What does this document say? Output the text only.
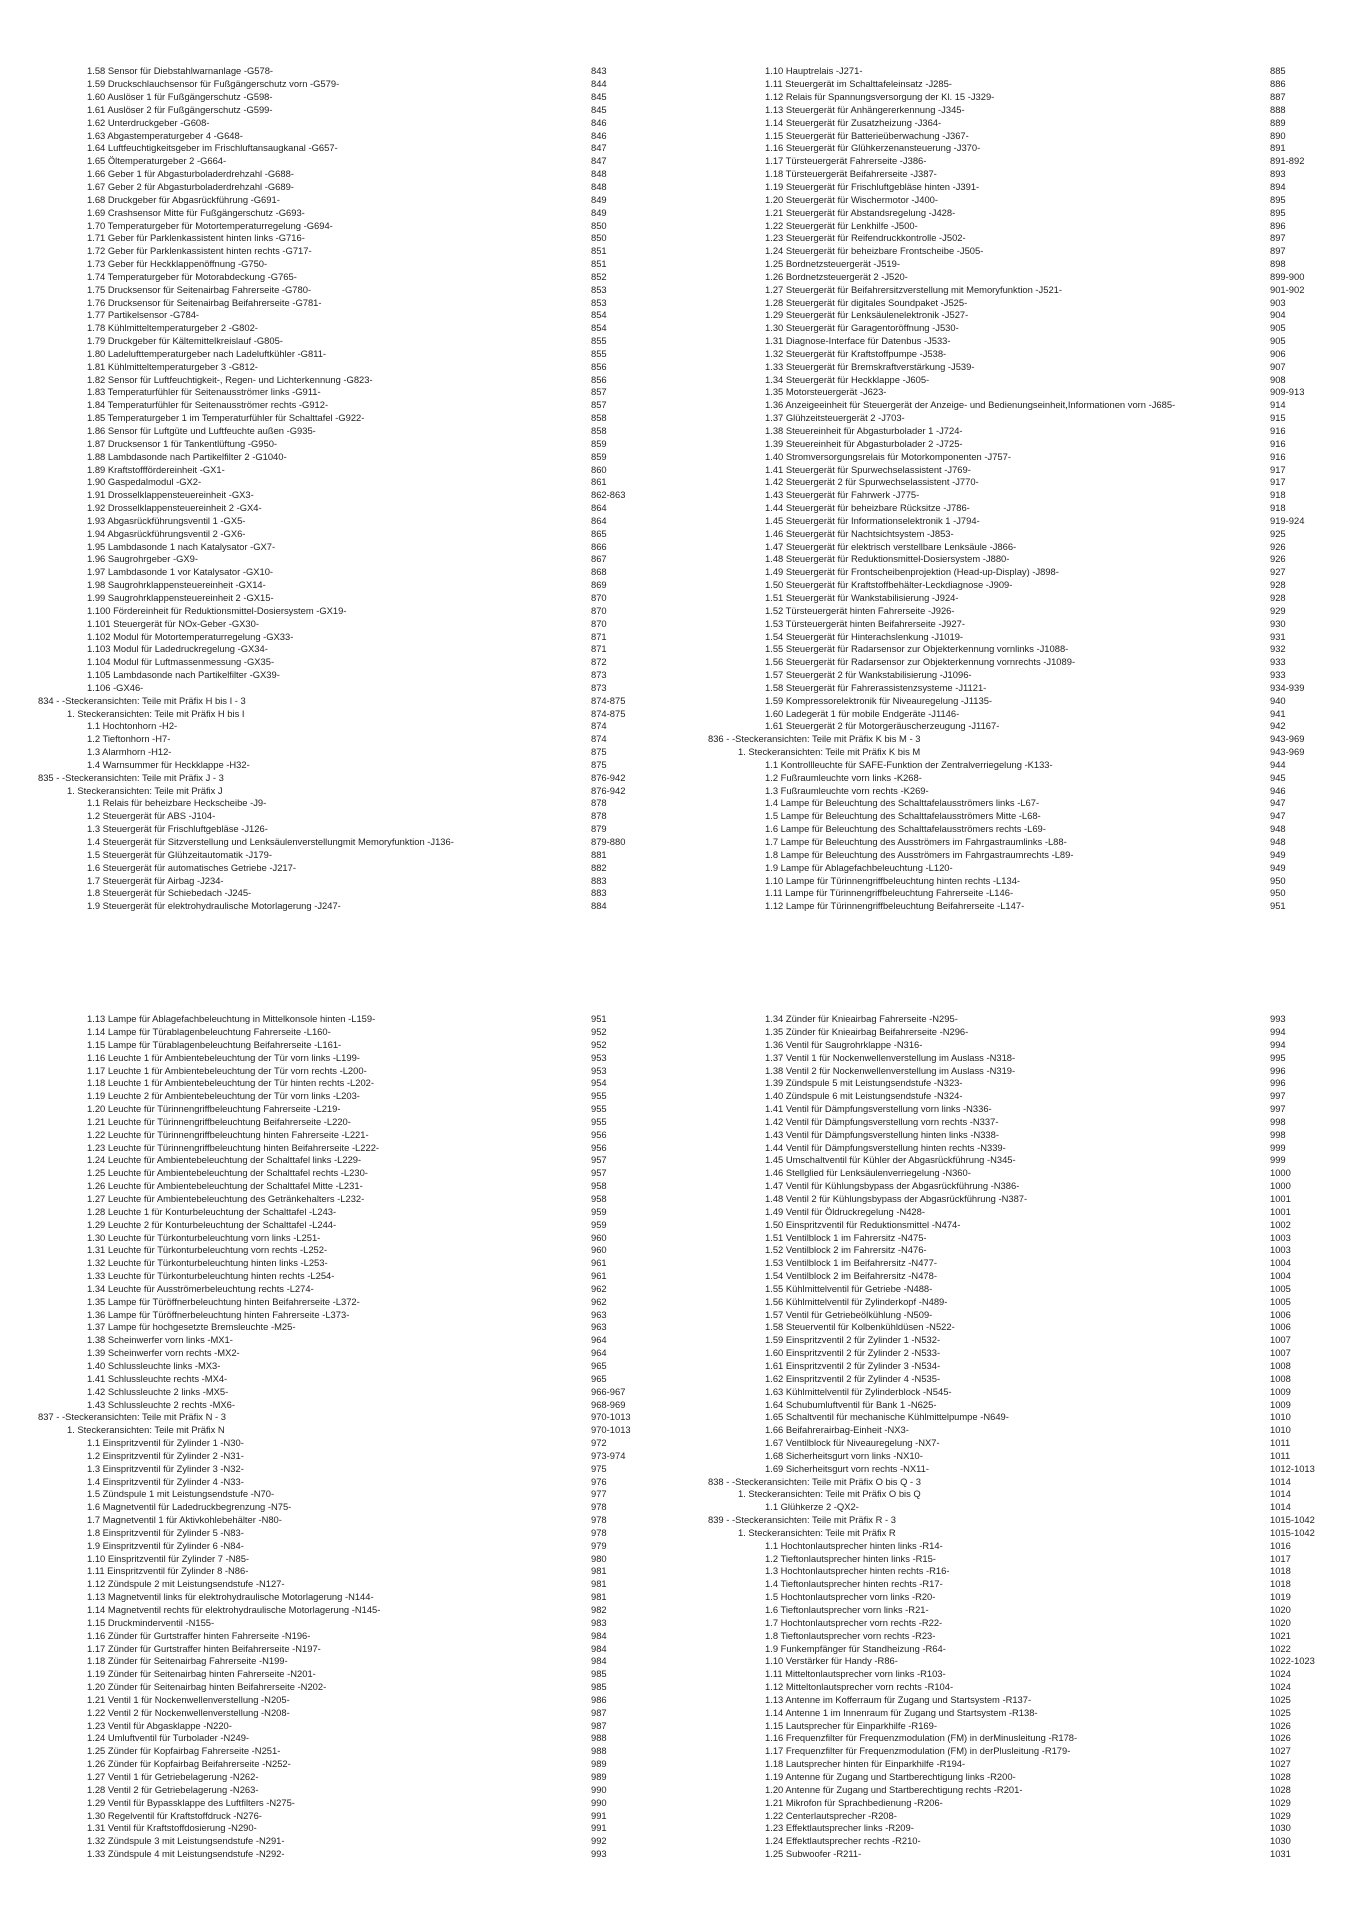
1.58 Sensor für Diebstahlwarnanlage -G578-	843
1.59 Druckschlauchsensor für Fußgängerschutz vorn -G579-	844
1.60 Auslöser 1 für Fußgängerschutz -G598-	845
1.61 Auslöser 2 für Fußgängerschutz -G599-	845
1.62 Unterdruckgeber -G608-	846
1.63 Abgastemperaturgeber 4 -G648-	846
1.64 Luftfeuchtigkeitsgeber im Frischluftansaugkanal -G657-	847
1.65 Öltemperaturgeber 2 -G664-	847
1.66 Geber 1 für Abgasturboladerdrehzahl -G688-	848
1.67 Geber 2 für Abgasturboladerdrehzahl -G689-	848
1.68 Druckgeber für Abgasrückführung -G691-	849
1.69 Crashsensor Mitte für Fußgängerschutz -G693-	849
1.70 Temperaturgeber für Motortemperaturregelung -G694-	850
1.71 Geber für Parklenkassistent hinten links -G716-	850
1.72 Geber für Parklenkassistent hinten rechts -G717-	851
1.73 Geber für Heckklappenöffnung -G750-	851
1.74 Temperaturgeber für Motorabdeckung -G765-	852
1.75 Drucksensor für Seitenairbag Fahrerseite -G780-	853
1.76 Drucksensor für Seitenairbag Beifahrerseite -G781-	853
1.77 Partikelsensor -G784-	854
1.78 Kühlmitteltemperaturgeber 2 -G802-	854
1.79 Druckgeber für Kältemittelkreislauf -G805-	855
1.80 Ladelufttemperaturgeber nach Ladeluftkühler -G811-	855
1.81 Kühlmitteltemperaturgeber 3 -G812-	856
1.82 Sensor für Luftfeuchtigkeit-, Regen- und Lichterkennung -G823-	856
1.83 Temperaturfühler für Seitenausströmer links -G911-	857
1.84 Temperaturfühler für Seitenausströmer rechts -G912-	857
1.85 Temperaturgeber 1 im Temperaturfühler für Schalttafel -G922-	858
1.86 Sensor für Luftgüte und Luftfeuchte außen -G935-	858
1.87 Drucksensor 1 für Tankentlüftung -G950-	859
1.88 Lambdasonde nach Partikelfilter 2 -G1040-	859
1.89 Kraftstofffördereinheit -GX1-	860
1.90 Gaspedalmodul -GX2-	861
1.91 Drosselklappensteuereinheit -GX3-	862-863
1.92 Drosselklappensteuereinheit 2 -GX4-	864
1.93 Abgasrückführungsventil 1 -GX5-	864
1.94 Abgasrückführungsventil 2 -GX6-	865
1.95 Lambdasonde 1 nach Katalysator -GX7-	866
1.96 Saugrohrgeber -GX9-	867
1.97 Lambdasonde 1 vor Katalysator -GX10-	868
1.98 Saugrohrklappensteuereinheit -GX14-	869
1.99 Saugrohrklappensteuereinheit 2 -GX15-	870
1.100 Fördereinheit für Reduktionsmittel-Dosiersystem -GX19-	870
1.101 Steuergerät für NOx-Geber -GX30-	870
1.102 Modul für Motortemperaturregelung -GX33-	871
1.103 Modul für Ladedruckregelung -GX34-	871
1.104 Modul für Luftmassenmessung -GX35-	872
1.105 Lambdasonde nach Partikelfilter -GX39-	873
1.106 -GX46-	873
834 - -Steckeransichten: Teile mit Präfix H bis I - 3	874-875
1. Steckeransichten: Teile mit Präfix H bis I	874-875
1.1 Hochtonhorn -H2-	874
1.2 Tieftonhorn -H7-	874
1.3 Alarmhorn -H12-	875
1.4 Warnsummer für Heckklappe -H32-	875
835 - -Steckeransichten: Teile mit Präfix J - 3	876-942
1. Steckeransichten: Teile mit Präfix J	876-942
1.1 Relais für beheizbare Heckscheibe -J9-	878
1.2 Steuergerät für ABS -J104-	878
1.3 Steuergerät für Frischluftgebläse -J126-	879
1.4 Steuergerät für Sitzverstellung und Lenksäulenverstellungmit Memoryfunktion -J136-	879-880
1.5 Steuergerät für Glühzeitautomatik -J179-	881
1.6 Steuergerät für automatisches Getriebe -J217-	882
1.7 Steuergerät für Airbag -J234-	883
1.8 Steuergerät für Schiebedach -J245-	883
1.9 Steuergerät für elektrohydraulische Motorlagerung -J247-	884
1.10 Hauptrelais -J271-	885
1.11 Steuergerät im Schalttafeleinsatz -J285-	886
1.12 Relais für Spannungsversorgung der Kl. 15 -J329-	887
1.13 Steuergerät für Anhängererkennung -J345-	888
1.14 Steuergerät für Zusatzheizung -J364-	889
1.15 Steuergerät für Batterieüberwachung -J367-	890
1.16 Steuergerät für Glühkerzenansteuerung -J370-	891
1.17 Türsteuergerät Fahrerseite -J386-	891-892
1.18 Türsteuergerät Beifahrerseite -J387-	893
1.19 Steuergerät für Frischluftgebläse hinten -J391-	894
1.20 Steuergerät für Wischermotor -J400-	895
1.21 Steuergerät für Abstandsregelung -J428-	895
1.22 Steuergerät für Lenkhilfe -J500-	896
1.23 Steuergerät für Reifendruckkontrolle -J502-	897
1.24 Steuergerät für beheizbare Frontscheibe -J505-	897
1.25 Bordnetzsteuergerät -J519-	898
1.26 Bordnetzsteuergerät 2 -J520-	899-900
1.27 Steuergerät für Beifahrersitzverstellung mit Memoryfunktion -J521-	901-902
1.28 Steuergerät für digitales Soundpaket -J525-	903
1.29 Steuergerät für Lenksäulenelektronik -J527-	904
1.30 Steuergerät für Garagentoröffnung -J530-	905
1.31 Diagnose-Interface für Datenbus -J533-	905
1.32 Steuergerät für Kraftstoffpumpe -J538-	906
1.33 Steuergerät für Bremskraftverstärkung -J539-	907
1.34 Steuergerät für Heckklappe -J605-	908
1.35 Motorsteuergerät -J623-	909-913
1.36 Anzeigeeinheit für Steuergerät der Anzeige- und Bedienungseinheit,Informationen vorn -J685-	914
1.37 Glühzeitsteuergerät 2 -J703-	915
1.38 Steuereinheit für Abgasturbolader 1 -J724-	916
1.39 Steuereinheit für Abgasturbolader 2 -J725-	916
1.40 Stromversorgungsrelais für Motorkomponenten -J757-	916
1.41 Steuergerät für Spurwechselassistent -J769-	917
1.42 Steuergerät 2 für Spurwechselassistent -J770-	917
1.43 Steuergerät für Fahrwerk -J775-	918
1.44 Steuergerät für beheizbare Rücksitze -J786-	918
1.45 Steuergerät für Informationselektronik 1 -J794-	919-924
1.46 Steuergerät für Nachtsichtsystem -J853-	925
1.47 Steuergerät für elektrisch verstellbare Lenksäule -J866-	926
1.48 Steuergerät für Reduktionsmittel-Dosiersystem -J880-	926
1.49 Steuergerät für Frontscheibenprojektion (Head-up-Display) -J898-	927
1.50 Steuergerät für Kraftstoffbehälter-Leckdiagnose -J909-	928
1.51 Steuergerät für Wankstabilisierung -J924-	928
1.52 Türsteuergerät hinten Fahrerseite -J926-	929
1.53 Türsteuergerät hinten Beifahrerseite -J927-	930
1.54 Steuergerät für Hinterachslenkung -J1019-	931
1.55 Steuergerät für Radarsensor zur Objekterkennung vornlinks -J1088-	932
1.56 Steuergerät für Radarsensor zur Objekterkennung vornrechts -J1089-	933
1.57 Steuergerät 2 für Wankstabilisierung -J1096-	933
1.58 Steuergerät für Fahrerassistenzsysteme -J1121-	934-939
1.59 Kompressorelektronik für Niveauregelung -J1135-	940
1.60 Ladegerät 1 für mobile Endgeräte -J1146-	941
1.61 Steuergerät 2 für Motorgeräuscherzeugung -J1167-	942
836 - -Steckeransichten: Teile mit Präfix K bis M - 3	943-969
1. Steckeransichten: Teile mit Präfix K bis M	943-969
1.1 Kontrollleuchte für SAFE-Funktion der Zentralverriegelung -K133-	944
1.2 Fußraumleuchte vorn links -K268-	945
1.3 Fußraumleuchte vorn rechts -K269-	946
1.4 Lampe für Beleuchtung des Schalttafelausströmers links -L67-	947
1.5 Lampe für Beleuchtung des Schalttafelausströmers Mitte -L68-	947
1.6 Lampe für Beleuchtung des Schalttafelausströmers rechts -L69-	948
1.7 Lampe für Beleuchtung des Ausströmers im Fahrgastraumlinks -L88-	948
1.8 Lampe für Beleuchtung des Ausströmers im Fahrgastraumrechts -L89-	949
1.9 Lampe für Ablagefachbeleuchtung -L120-	949
1.10 Lampe für Türinnengriffbeleuchtung hinten rechts -L134-	950
1.11 Lampe für Türinnengriffbeleuchtung Fahrerseite -L146-	950
1.12 Lampe für Türinnengriffbeleuchtung Beifahrerseite -L147-	951
1.13 Lampe für Ablagefachbeleuchtung in Mittelkonsole hinten -L159-	951
1.14 Lampe für Türablagenbeleuchtung Fahrerseite -L160-	952
1.15 Lampe für Türablagenbeleuchtung Beifahrerseite -L161-	952
1.16 Leuchte 1 für Ambientebeleuchtung der Tür vorn links -L199-	953
1.17 Leuchte 1 für Ambientebeleuchtung der Tür vorn rechts -L200-	953
1.18 Leuchte 1 für Ambientebeleuchtung der Tür hinten rechts -L202-	954
1.19 Leuchte 2 für Ambientebeleuchtung der Tür vorn links -L203-	955
1.20 Leuchte für Türinnengriffbeleuchtung Fahrerseite -L219-	955
1.21 Leuchte für Türinnengriffbeleuchtung Beifahrerseite -L220-	955
1.22 Leuchte für Türinnengriffbeleuchtung hinten Fahrerseite -L221-	956
1.23 Leuchte für Türinnengriffbeleuchtung hinten Beifahrerseite -L222-	956
1.24 Leuchte für Ambientebeleuchtung der Schalttafel links -L229-	957
1.25 Leuchte für Ambientebeleuchtung der Schalttafel rechts -L230-	957
1.26 Leuchte für Ambientebeleuchtung der Schalttafel Mitte -L231-	958
1.27 Leuchte für Ambientebeleuchtung des Getränkehalters -L232-	958
1.28 Leuchte 1 für Konturbeleuchtung der Schalttafel -L243-	959
1.29 Leuchte 2 für Konturbeleuchtung der Schalttafel -L244-	959
1.30 Leuchte für Türkonturbeleuchtung vorn links -L251-	960
1.31 Leuchte für Türkonturbeleuchtung vorn rechts -L252-	960
1.32 Leuchte für Türkonturbeleuchtung hinten links -L253-	961
1.33 Leuchte für Türkonturbeleuchtung hinten rechts -L254-	961
1.34 Leuchte für Ausströmerbeleuchtung rechts -L274-	962
1.35 Lampe für Türöffnerbeleuchtung hinten Beifahrerseite -L372-	962
1.36 Lampe für Türöffnerbeleuchtung hinten Fahrerseite -L373-	963
1.37 Lampe für hochgesetzte Bremsleuchte -M25-	963
1.38 Scheinwerfer vorn links -MX1-	964
1.39 Scheinwerfer vorn rechts -MX2-	964
1.40 Schlussleuchte links -MX3-	965
1.41 Schlussleuchte rechts -MX4-	965
1.42 Schlussleuchte 2 links -MX5-	966-967
1.43 Schlussleuchte 2 rechts -MX6-	968-969
837 - -Steckeransichten: Teile mit Präfix N - 3	970-1013
1. Steckeransichten: Teile mit Präfix N	970-1013
1.1 Einspritzventil für Zylinder 1 -N30-	972
1.2 Einspritzventil für Zylinder 2 -N31-	973-974
1.3 Einspritzventil für Zylinder 3 -N32-	975
1.4 Einspritzventil für Zylinder 4 -N33-	976
1.5 Zündspule 1 mit Leistungsendstufe -N70-	977
1.6 Magnetventil für Ladedruckbegrenzung -N75-	978
1.7 Magnetventil 1 für Aktivkohlebehälter -N80-	978
1.8 Einspritzventil für Zylinder 5 -N83-	978
1.9 Einspritzventil für Zylinder 6 -N84-	979
1.10 Einspritzventil für Zylinder 7 -N85-	980
1.11 Einspritzventil für Zylinder 8 -N86-	981
1.12 Zündspule 2 mit Leistungsendstufe -N127-	981
1.13 Magnetventil links für elektrohydraulische Motorlagerung -N144-	981
1.14 Magnetventil rechts für elektrohydraulische Motorlagerung -N145-	982
1.15 Druckminderventil -N155-	983
1.16 Zünder für Gurtstraffer hinten Fahrerseite -N196-	984
1.17 Zünder für Gurtstraffer hinten Beifahrerseite -N197-	984
1.18 Zünder für Seitenairbag Fahrerseite -N199-	984
1.19 Zünder für Seitenairbag hinten Fahrerseite -N201-	985
1.20 Zünder für Seitenairbag hinten Beifahrerseite -N202-	985
1.21 Ventil 1 für Nockenwellenverstellung -N205-	986
1.22 Ventil 2 für Nockenwellenverstellung -N208-	987
1.23 Ventil für Abgasklappe -N220-	987
1.24 Umluftventil für Turbolader -N249-	988
1.25 Zünder für Kopfairbag Fahrerseite -N251-	988
1.26 Zünder für Kopfairbag Beifahrerseite -N252-	989
1.27 Ventil 1 für Getriebelagerung -N262-	989
1.28 Ventil 2 für Getriebelagerung -N263-	990
1.29 Ventil für Bypassklappe des Luftfilters -N275-	990
1.30 Regelventil für Kraftstoffdruck -N276-	991
1.31 Ventil für Kraftstoffdosierung -N290-	991
1.32 Zündspule 3 mit Leistungsendstufe -N291-	992
1.33 Zündspule 4 mit Leistungsendstufe -N292-	993
1.34 Zünder für Knieairbag Fahrerseite -N295-	993
1.35 Zünder für Knieairbag Beifahrerseite -N296-	994
1.36 Ventil für Saugrohrklappe -N316-	994
1.37 Ventil 1 für Nockenwellenverstellung im Auslass -N318-	995
1.38 Ventil 2 für Nockenwellenverstellung im Auslass -N319-	996
1.39 Zündspule 5 mit Leistungsendstufe -N323-	996
1.40 Zündspule 6 mit Leistungsendstufe -N324-	997
1.41 Ventil für Dämpfungsverstellung vorn links -N336-	997
1.42 Ventil für Dämpfungsverstellung vorn rechts -N337-	998
1.43 Ventil für Dämpfungsverstellung hinten links -N338-	998
1.44 Ventil für Dämpfungsverstellung hinten rechts -N339-	999
1.45 Umschaltventil für Kühler der Abgasrückführung -N345-	999
1.46 Stellglied für Lenksäulenverriegelung -N360-	1000
1.47 Ventil für Kühlungsbypass der Abgasrückführung -N386-	1000
1.48 Ventil 2 für Kühlungsbypass der Abgasrückführung -N387-	1001
1.49 Ventil für Öldruckregelung -N428-	1001
1.50 Einspritzventil für Reduktionsmittel -N474-	1002
1.51 Ventilblock 1 im Fahrersitz -N475-	1003
1.52 Ventilblock 2 im Fahrersitz -N476-	1003
1.53 Ventilblock 1 im Beifahrersitz -N477-	1004
1.54 Ventilblock 2 im Beifahrersitz -N478-	1004
1.55 Kühlmittelventil für Getriebe -N488-	1005
1.56 Kühlmittelventil für Zylinderkopf -N489-	1005
1.57 Ventil für Getriebeölkühlung -N509-	1006
1.58 Steuerventil für Kolbenkühldüsen -N522-	1006
1.59 Einspritzventil 2 für Zylinder 1 -N532-	1007
1.60 Einspritzventil 2 für Zylinder 2 -N533-	1007
1.61 Einspritzventil 2 für Zylinder 3 -N534-	1008
1.62 Einspritzventil 2 für Zylinder 4 -N535-	1008
1.63 Kühlmittelventil für Zylinderblock -N545-	1009
1.64 Schubumluftventil für Bank 1 -N625-	1009
1.65 Schaltventil für mechanische Kühlmittelpumpe -N649-	1010
1.66 Beifahrerairbag-Einheit -NX3-	1010
1.67 Ventilblock für Niveauregelung -NX7-	1011
1.68 Sicherheitsgurt vorn links -NX10-	1011
1.69 Sicherheitsgurt vorn rechts -NX11-	1012-1013
838 - -Steckeransichten: Teile mit Präfix O bis Q - 3	1014
1. Steckeransichten: Teile mit Präfix O bis Q	1014
1.1 Glühkerze 2 -QX2-	1014
839 - -Steckeransichten: Teile mit Präfix R - 3	1015-1042
1. Steckeransichten: Teile mit Präfix R	1015-1042
1.1 Hochtonlautsprecher hinten links -R14-	1016
1.2 Tieftonlautsprecher hinten links -R15-	1017
1.3 Hochtonlautsprecher hinten rechts -R16-	1018
1.4 Tieftonlautsprecher hinten rechts -R17-	1018
1.5 Hochtonlautsprecher vorn links -R20-	1019
1.6 Tieftonlautsprecher vorn links -R21-	1020
1.7 Hochtonlautsprecher vorn rechts -R22-	1020
1.8 Tieftonlautsprecher vorn rechts -R23-	1021
1.9 Funkempfänger für Standheizung -R64-	1022
1.10 Verstärker für Handy -R86-	1022-1023
1.11 Mitteltonlautsprecher vorn links -R103-	1024
1.12 Mitteltonlautsprecher vorn rechts -R104-	1024
1.13 Antenne im Kofferraum für Zugang und Startsystem -R137-	1025
1.14 Antenne 1 im Innenraum für Zugang und Startsystem -R138-	1025
1.15 Lautsprecher für Einparkhilfe -R169-	1026
1.16 Frequenzfilter für Frequenzmodulation (FM) in derMinusleitung -R178-	1026
1.17 Frequenzfilter für Frequenzmodulation (FM) in derPlusleitung -R179-	1027
1.18 Lautsprecher hinten für Einparkhilfe -R194-	1027
1.19 Antenne für Zugang und Startberechtigung links -R200-	1028
1.20 Antenne für Zugang und Startberechtigung rechts -R201-	1028
1.21 Mikrofon für Sprachbedienung -R206-	1029
1.22 Centerlautsprecher -R208-	1029
1.23 Effektlautsprecher links -R209-	1030
1.24 Effektlautsprecher rechts -R210-	1030
1.25 Subwoofer -R211-	1031
